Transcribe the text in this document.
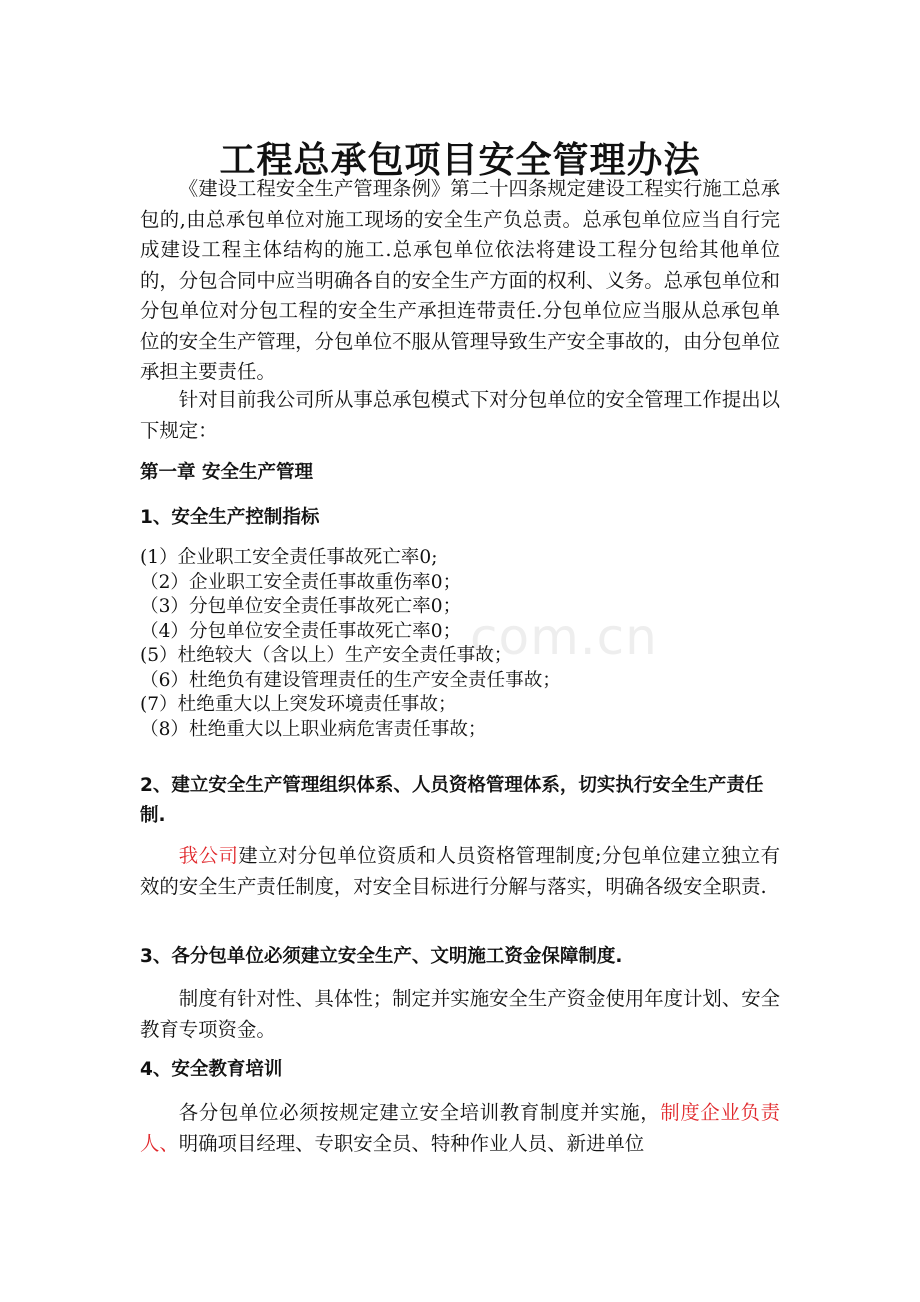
工程总承包项目安全管理办法

《建设工程安全生产管理条例》第二十四条规定建设工程实行施工总承包的,由总承包单位对施工现场的安全生产负总责。总承包单位应当自行完成建设工程主体结构的施工.总承包单位依法将建设工程分包给其他单位的，分包合同中应当明确各自的安全生产方面的权利、义务。总承包单位和分包单位对分包工程的安全生产承担连带责任.分包单位应当服从总承包单位的安全生产管理，分包单位不服从管理导致生产安全事故的，由分包单位承担主要责任。

针对目前我公司所从事总承包模式下对分包单位的安全管理工作提出以下规定：

第一章 安全生产管理
1、安全生产控制指标
(1）企业职工安全责任事故死亡率0;
（2）企业职工安全责任事故重伤率0；
（3）分包单位安全责任事故死亡率0；
（4）分包单位安全责任事故死亡率0；
(5）杜绝较大（含以上）生产安全责任事故；
（6）杜绝负有建设管理责任的生产安全责任事故；
(7）杜绝重大以上突发环境责任事故；
（8）杜绝重大以上职业病危害责任事故；
2、建立安全生产管理组织体系、人员资格管理体系，切实执行安全生产责任制.

我公司建立对分包单位资质和人员资格管理制度;分包单位建立独立有效的安全生产责任制度，对安全目标进行分解与落实，明确各级安全职责.

3、各分包单位必须建立安全生产、文明施工资金保障制度.

制度有针对性、具体性；制定并实施安全生产资金使用年度计划、安全教育专项资金。

4、安全教育培训

各分包单位必须按规定建立安全培训教育制度并实施，制度企业负责人、明确项目经理、专职安全员、特种作业人员、新进单位

com.cn
